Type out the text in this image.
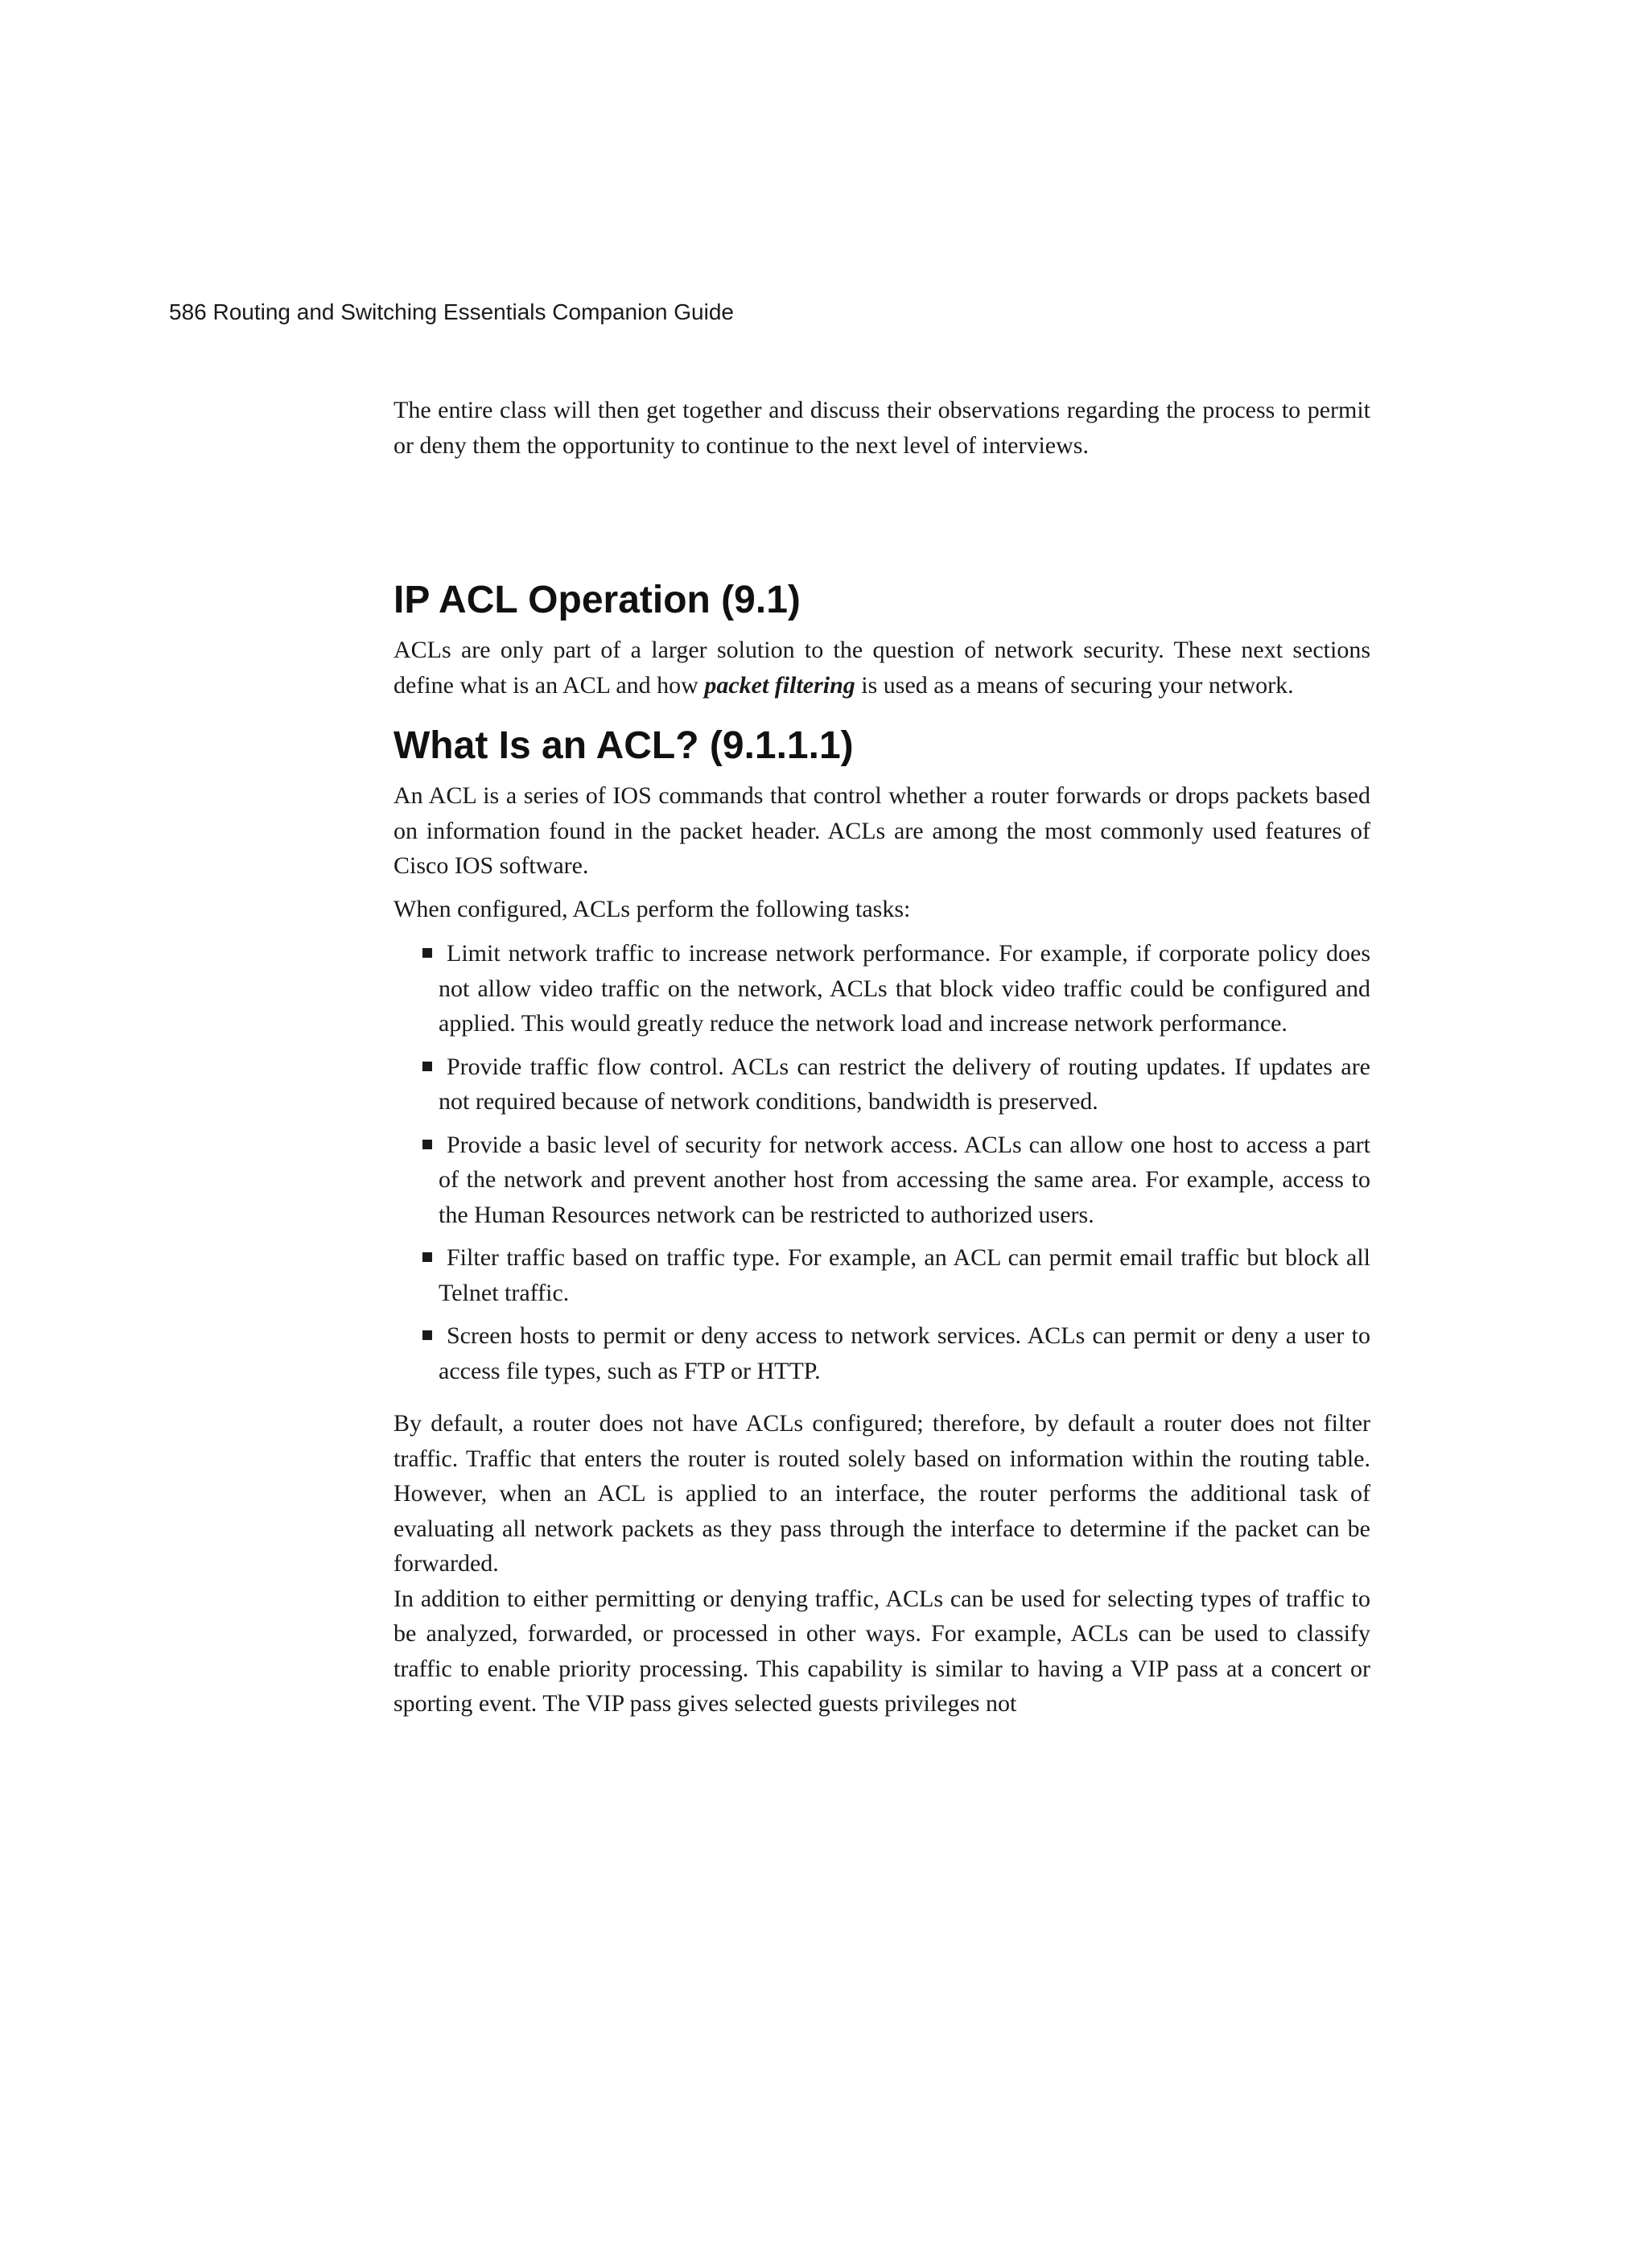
586 Routing and Switching Essentials Companion Guide

The entire class will then get together and discuss their observations regarding the process to permit or deny them the opportunity to continue to the next level of interviews.

IP ACL Operation (9.1)

ACLs are only part of a larger solution to the question of network security. These next sections define what is an ACL and how packet filtering is used as a means of securing your network.

What Is an ACL? (9.1.1.1)

An ACL is a series of IOS commands that control whether a router forwards or drops packets based on information found in the packet header. ACLs are among the most commonly used features of Cisco IOS software.

When configured, ACLs perform the following tasks:

Limit network traffic to increase network performance. For example, if corporate policy does not allow video traffic on the network, ACLs that block video traffic could be configured and applied. This would greatly reduce the network load and increase network performance.
Provide traffic flow control. ACLs can restrict the delivery of routing updates. If updates are not required because of network conditions, bandwidth is preserved.
Provide a basic level of security for network access. ACLs can allow one host to access a part of the network and prevent another host from accessing the same area. For example, access to the Human Resources network can be restricted to authorized users.
Filter traffic based on traffic type. For example, an ACL can permit email traffic but block all Telnet traffic.
Screen hosts to permit or deny access to network services. ACLs can permit or deny a user to access file types, such as FTP or HTTP.

By default, a router does not have ACLs configured; therefore, by default a router does not filter traffic. Traffic that enters the router is routed solely based on information within the routing table. However, when an ACL is applied to an interface, the router performs the additional task of evaluating all network packets as they pass through the interface to determine if the packet can be forwarded.

In addition to either permitting or denying traffic, ACLs can be used for selecting types of traffic to be analyzed, forwarded, or processed in other ways. For example, ACLs can be used to classify traffic to enable priority processing. This capability is similar to having a VIP pass at a concert or sporting event. The VIP pass gives selected guests privileges not
